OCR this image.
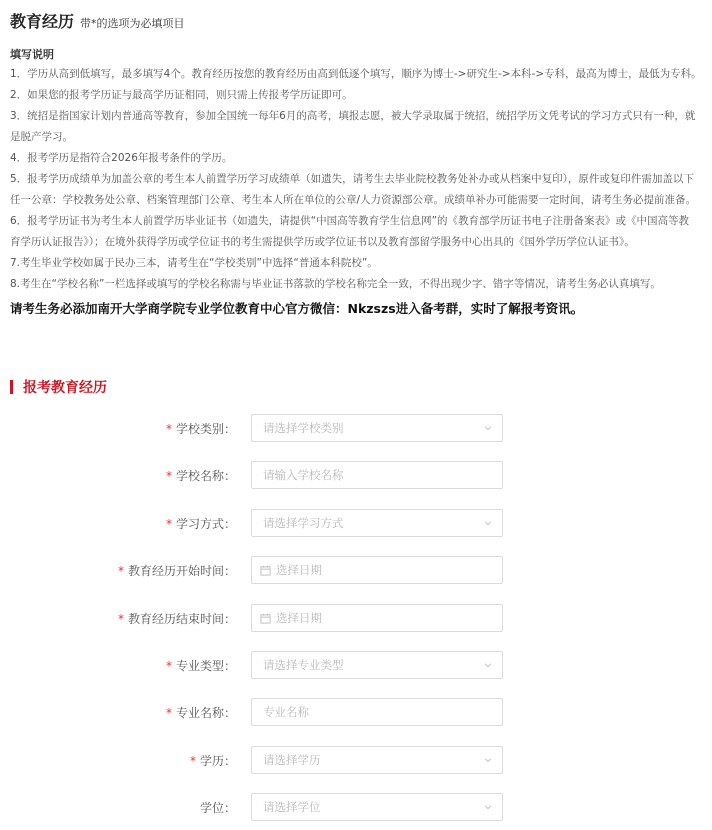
教育经历 带*的选项为必填项目
填写说明
1．学历从高到低填写，最多填写4个。教育经历按您的教育经历由高到低逐个填写，顺序为博士->研究生->本科->专科，最高为博士，最低为专科。
2．如果您的报考学历证与最高学历证相同，则只需上传报考学历证即可。
3．统招是指国家计划内普通高等教育，参加全国统一每年6月的高考，填报志愿，被大学录取属于统招，统招学历文凭考试的学习方式只有一种，就
是脱产学习。
4．报考学历是指符合2026年报考条件的学历。
5．报考学历成绩单为加盖公章的考生本人前置学历学习成绩单（如遗失，请考生去毕业院校教务处补办或从档案中复印），原件或复印件需加盖以下
任一公章：学校教务处公章、档案管理部门公章、考生本人所在单位的公章/人力资源部公章。成绩单补办可能需要一定时间，请考生务必提前准备。
6．报考学历证书为考生本人前置学历毕业证书（如遗失，请提供“中国高等教育学生信息网”的《教育部学历证书电子注册备案表》或《中国高等教
育学历认证报告》）；在境外获得学历或学位证书的考生需提供学历或学位证书以及教育部留学服务中心出具的《国外学历学位认证书》。
7.考生毕业学校如属于民办三本，请考生在“学校类别”中选择“普通本科院校”。
8.考生在“学校名称”一栏选择或填写的学校名称需与毕业证书落款的学校名称完全一致，不得出现少字、错字等情况，请考生务必认真填写。
请考生务必添加南开大学商学院专业学位教育中心官方微信：Nkzszs进入备考群，实时了解报考资讯。
报考教育经历
* 学校类别：	请选择学校类别
* 学校名称：	请输入学校名称
* 学习方式：	请选择学习方式
* 教育经历开始时间：	选择日期
* 教育经历结束时间：	选择日期
* 专业类型：	请选择专业类型
* 专业名称：	专业名称
* 学历：	请选择学历
学位：	请选择学位
